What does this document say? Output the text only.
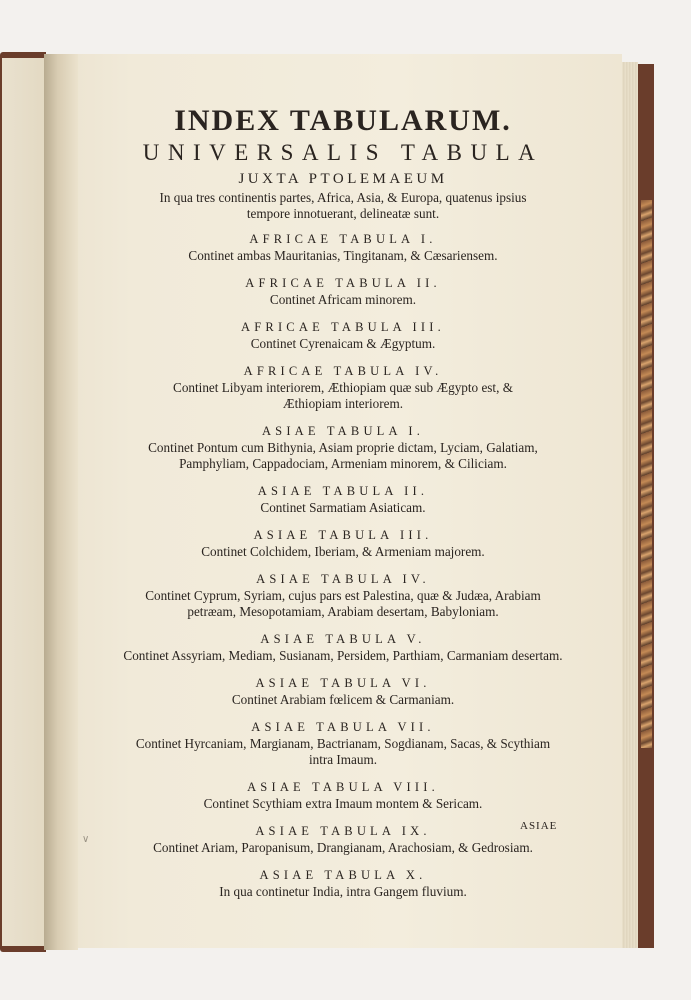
INDEX TABULARUM.
UNIVERSALIS TABULA
JUXTA PTOLEMAEUM
In qua tres continentis partes, Africa, Asia, & Europa, quatenus ipsius
tempore innotuerant, delineatæ sunt.
AFRICAE TABULA I.
Continet ambas Mauritanias, Tingitanam, & Cæsariensem.
AFRICAE TABULA II.
Continet Africam minorem.
AFRICAE TABULA III.
Continet Cyrenaicam & Ægyptum.
AFRICAE TABULA IV.
Continet Libyam interiorem, Æthiopiam quæ sub Ægypto est, &
Æthiopiam interiorem.
ASIAE TABULA I.
Continet Pontum cum Bithynia, Asiam proprie dictam, Lyciam, Galatiam,
Pamphyliam, Cappadociam, Armeniam minorem, & Ciliciam.
ASIAE TABULA II.
Continet Sarmatiam Asiaticam.
ASIAE TABULA III.
Continet Colchidem, Iberiam, & Armeniam majorem.
ASIAE TABULA IV.
Continet Cyprum, Syriam, cujus pars est Palestina, quæ & Judæa, Arabiam
petræam, Mesopotamiam, Arabiam desertam, Babyloniam.
ASIAE TABULA V.
Continet Assyriam, Mediam, Susianam, Persidem, Parthiam, Carmaniam desertam.
ASIAE TABULA VI.
Continet Arabiam fœlicem & Carmaniam.
ASIAE TABULA VII.
Continet Hyrcaniam, Margianam, Bactrianam, Sogdianam, Sacas, & Scythiam
intra Imaum.
ASIAE TABULA VIII.
Continet Scythiam extra Imaum montem & Sericam.
ASIAE TABULA IX.
Continet Ariam, Paropanisum, Drangianam, Arachosiam, & Gedrosiam.
ASIAE TABULA X.
In qua continetur India, intra Gangem fluvium.
ASIAE
∨
